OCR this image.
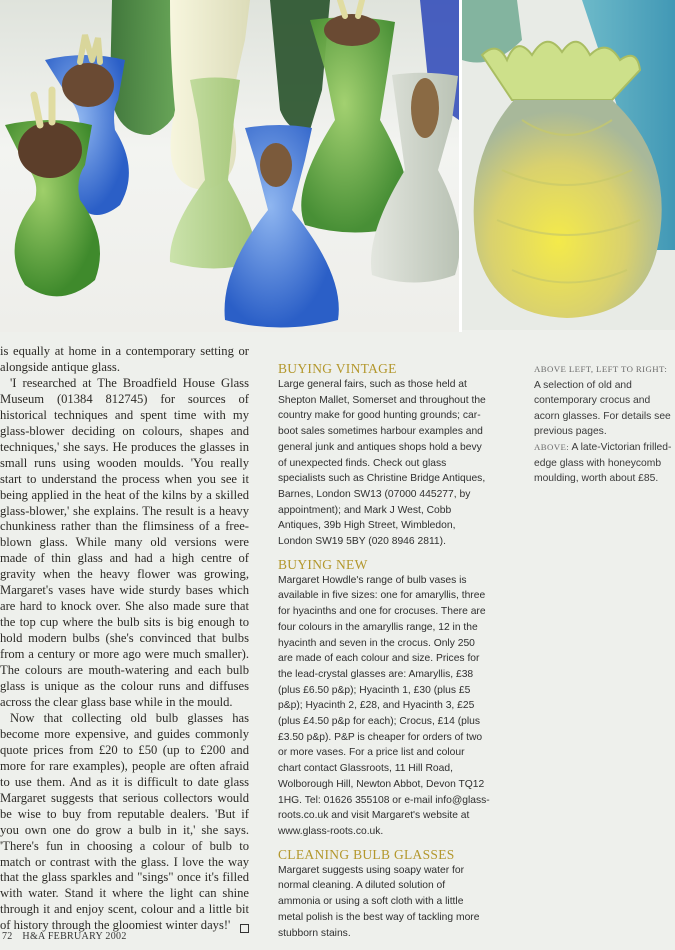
is equally at home in a contemporary setting or alongside antique glass.

'I researched at The Broadfield House Glass Museum (01384 812745) for sources of historical techniques and spent time with my glass-blower deciding on colours, shapes and techniques,' she says. He produces the glasses in small runs using wooden moulds. 'You really start to understand the process when you see it being applied in the heat of the kilns by a skilled glass-blower,' she explains. The result is a heavy chunkiness rather than the flimsiness of a free-blown glass. While many old versions were made of thin glass and had a high centre of gravity when the heavy flower was growing, Margaret's vases have wide sturdy bases which are hard to knock over. She also made sure that the top cup where the bulb sits is big enough to hold modern bulbs (she's convinced that bulbs from a century or more ago were much smaller). The colours are mouth-watering and each bulb glass is unique as the colour runs and diffuses across the clear glass base while in the mould.

Now that collecting old bulb glasses has become more expensive, and guides commonly quote prices from £20 to £50 (up to £200 and more for rare examples), people are often afraid to use them. And as it is difficult to date glass Margaret suggests that serious collectors would be wise to buy from reputable dealers. 'But if you own one do grow a bulb in it,' she says. 'There's fun in choosing a colour of bulb to match or contrast with the glass. I love the way that the glass sparkles and "sings" once it's filled with water. Stand it where the light can shine through it and enjoy scent, colour and a little bit of history through the gloomiest winter days!'

BUYING VINTAGE

Large general fairs, such as those held at Shepton Mallet, Somerset and throughout the country make for good hunting grounds; car-boot sales sometimes harbour examples and general junk and antiques shops hold a bevy of unexpected finds. Check out glass specialists such as Christine Bridge Antiques, Barnes, London SW13 (07000 445277, by appointment); and Mark J West, Cobb Antiques, 39b High Street, Wimbledon, London SW19 5BY (020 8946 2811).

BUYING NEW

Margaret Howdle's range of bulb vases is available in five sizes: one for amaryllis, three for hyacinths and one for crocuses. There are four colours in the amaryllis range, 12 in the hyacinth and seven in the crocus. Only 250 are made of each colour and size. Prices for the lead-crystal glasses are: Amaryllis, £38 (plus £6.50 p&p); Hyacinth 1, £30 (plus £5 p&p); Hyacinth 2, £28, and Hyacinth 3, £25 (plus £4.50 p&p for each); Crocus, £14 (plus £3.50 p&p). P&P is cheaper for orders of two or more vases. For a price list and colour chart contact Glassroots, 11 Hill Road, Wolborough Hill, Newton Abbot, Devon TQ12 1HG. Tel: 01626 355108 or e-mail info@glass-roots.co.uk and visit Margaret's website at www.glass-roots.co.uk.

CLEANING BULB GLASSES

Margaret suggests using soapy water for normal cleaning. A diluted solution of ammonia or using a soft cloth with a little metal polish is the best way of tackling more stubborn stains.

ABOVE LEFT, LEFT TO RIGHT: A selection of old and contemporary crocus and acorn glasses. For details see previous pages.

ABOVE: A late-Victorian frilled-edge glass with honeycomb moulding, worth about £85.

72 H&A FEBRUARY 2002
